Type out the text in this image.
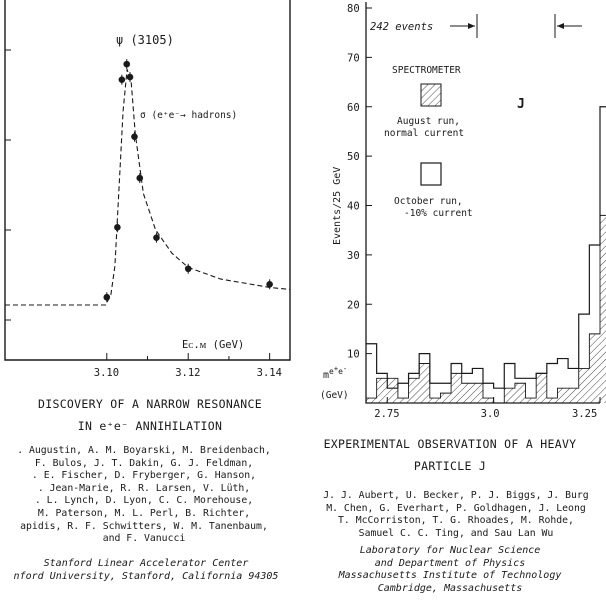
3.10	3.12	3.14
ψ (3105)
σ (e⁺e⁻→ hadrons)
Eᴄ.ᴍ (GeV)
DISCOVERY OF A NARROW RESONANCE
IN e⁺e⁻ ANNIHILATION
. Augustin, A. M. Boyarski, M. Breidenbach,
F. Bulos, J. T. Dakin, G. J. Feldman,
. E. Fischer, D. Fryberger, G. Hanson,
. Jean-Marie, R. R. Larsen, V. Lüth,
. L. Lynch, D. Lyon, C. C. Morehouse,
M. Paterson, M. L. Perl, B. Richter,
apidis, R. F. Schwitters, W. M. Tanenbaum,
and F. Vanucci
Stanford Linear Accelerator Center
nford University, Stanford, California 94305
10
20
30
40
50
60
70
80
2.75	3.0	3.25
242 events
SPECTROMETER
August run, normal current
October run, -10% current
J
Events/25 GeV
$m^{e+}_e^-$
(GeV)
EXPERIMENTAL OBSERVATION OF A HEAVY
PARTICLE J
J. J. Aubert, U. Becker, P. J. Biggs, J. Burg
M. Chen, G. Everhart, P. Goldhagen, J. Leong
T. McCorriston, T. G. Rhoades, M. Rohde,
Samuel C. C. Ting, and Sau Lan Wu
Laboratory for Nuclear Science
and Department of Physics
Massachusetts Institute of Technology
Cambridge, Massachusetts
